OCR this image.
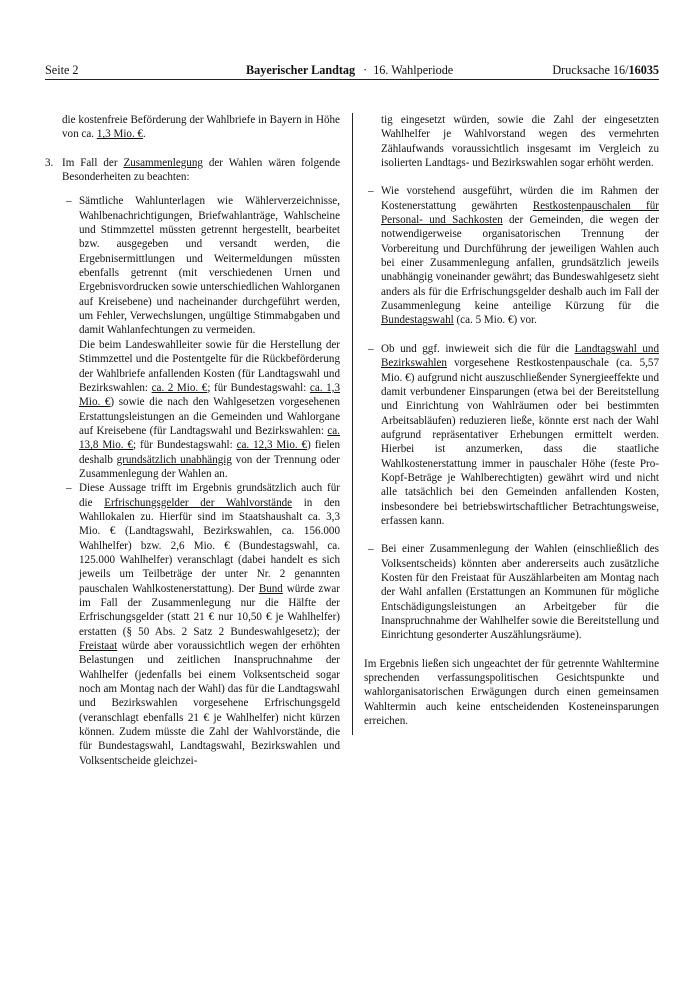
Seite 2	Bayerischer Landtag · 16. Wahlperiode	Drucksache 16/16035

die kostenfreie Beförderung der Wahlbriefe in Bayern in Höhe von ca. 1,3 Mio. €.

3. Im Fall der Zusammenlegung der Wahlen wären folgende Besonderheiten zu beachten:

– Sämtliche Wahlunterlagen wie Wählerverzeichnisse, Wahlbenachrichtigungen, Briefwahlanträge, Wahlscheine und Stimmzettel müssten getrennt hergestellt, bearbeitet bzw. ausgegeben und versandt werden, die Ergebnisermittlungen und Weitermeldungen müssten ebenfalls getrennt (mit verschiedenen Urnen und Ergebnisvordrucken sowie unterschiedlichen Wahlorganen auf Kreisebene) und nacheinander durchgeführt werden, um Fehler, Verwechslungen, ungültige Stimmabgaben und damit Wahlanfechtungen zu vermeiden.

Die beim Landeswahlleiter sowie für die Herstellung der Stimmzettel und die Postentgelte für die Rückbeförderung der Wahlbriefe anfallenden Kosten (für Landtagswahl und Bezirkswahlen: ca. 2 Mio. €; für Bundestagswahl: ca. 1,3 Mio. €) sowie die nach den Wahlgesetzen vorgesehenen Erstattungsleistungen an die Gemeinden und Wahlorgane auf Kreisebene (für Landtagswahl und Bezirkswahlen: ca. 13,8 Mio. €; für Bundestagswahl: ca. 12,3 Mio. €) fielen deshalb grundsätzlich unabhängig von der Trennung oder Zusammenlegung der Wahlen an.

– Diese Aussage trifft im Ergebnis grundsätzlich auch für die Erfrischungsgelder der Wahlvorstände in den Wahllokalen zu. Hierfür sind im Staatshaushalt ca. 3,3 Mio. € (Landtagswahl, Bezirkswahlen, ca. 156.000 Wahlhelfer) bzw. 2,6 Mio. € (Bundestagswahl, ca. 125.000 Wahlhelfer) veranschlagt (dabei handelt es sich jeweils um Teilbeträge der unter Nr. 2 genannten pauschalen Wahlkostenerstattung). Der Bund würde zwar im Fall der Zusammenlegung nur die Hälfte der Erfrischungsgelder (statt 21 € nur 10,50 € je Wahlhelfer) erstatten (§ 50 Abs. 2 Satz 2 Bundeswahlgesetz); der Freistaat würde aber voraussichtlich wegen der erhöhten Belastungen und zeitlichen Inanspruchnahme der Wahlhelfer (jedenfalls bei einem Volksentscheid sogar noch am Montag nach der Wahl) das für die Landtagswahl und Bezirkswahlen vorgesehene Erfrischungsgeld (veranschlagt ebenfalls 21 € je Wahlhelfer) nicht kürzen können. Zudem müsste die Zahl der Wahlvorstände, die für Bundestagswahl, Landtagswahl, Bezirkswahlen und Volksentscheide gleichzei-

tig eingesetzt würden, sowie die Zahl der eingesetzten Wahlhelfer je Wahlvorstand wegen des vermehrten Zählaufwands voraussichtlich insgesamt im Vergleich zu isolierten Landtags- und Bezirkswahlen sogar erhöht werden.

– Wie vorstehend ausgeführt, würden die im Rahmen der Kostenerstattung gewährten Restkostenpauschalen für Personal- und Sachkosten der Gemeinden, die wegen der notwendigerweise organisatorischen Trennung der Vorbereitung und Durchführung der jeweiligen Wahlen auch bei einer Zusammenlegung anfallen, grundsätzlich jeweils unabhängig voneinander gewährt; das Bundeswahlgesetz sieht anders als für die Erfrischungsgelder deshalb auch im Fall der Zusammenlegung keine anteilige Kürzung für die Bundestagswahl (ca. 5 Mio. €) vor.

– Ob und ggf. inwieweit sich die für die Landtagswahl und Bezirkswahlen vorgesehene Restkostenpauschale (ca. 5,57 Mio. €) aufgrund nicht auszuschließender Synergieeffekte und damit verbundener Einsparungen (etwa bei der Bereitstellung und Einrichtung von Wahlräumen oder bei bestimmten Arbeitsabläufen) reduzieren ließe, könnte erst nach der Wahl aufgrund repräsentativer Erhebungen ermittelt werden. Hierbei ist anzumerken, dass die staatliche Wahlkostenerstattung immer in pauschaler Höhe (feste Pro-Kopf-Beträge je Wahlberechtigten) gewährt wird und nicht alle tatsächlich bei den Gemeinden anfallenden Kosten, insbesondere bei betriebswirtschaftlicher Betrachtungsweise, erfassen kann.

– Bei einer Zusammenlegung der Wahlen (einschließlich des Volksentscheids) könnten aber andererseits auch zusätzliche Kosten für den Freistaat für Auszählarbeiten am Montag nach der Wahl anfallen (Erstattungen an Kommunen für mögliche Entschädigungsleistungen an Arbeitgeber für die Inanspruchnahme der Wahlhelfer sowie die Bereitstellung und Einrichtung gesonderter Auszählungsräume).

Im Ergebnis ließen sich ungeachtet der für getrennte Wahltermine sprechenden verfassungspolitischen Gesichtspunkte und wahlorganisatorischen Erwägungen durch einen gemeinsamen Wahltermin auch keine entscheidenden Kosteneinsparungen erreichen.
